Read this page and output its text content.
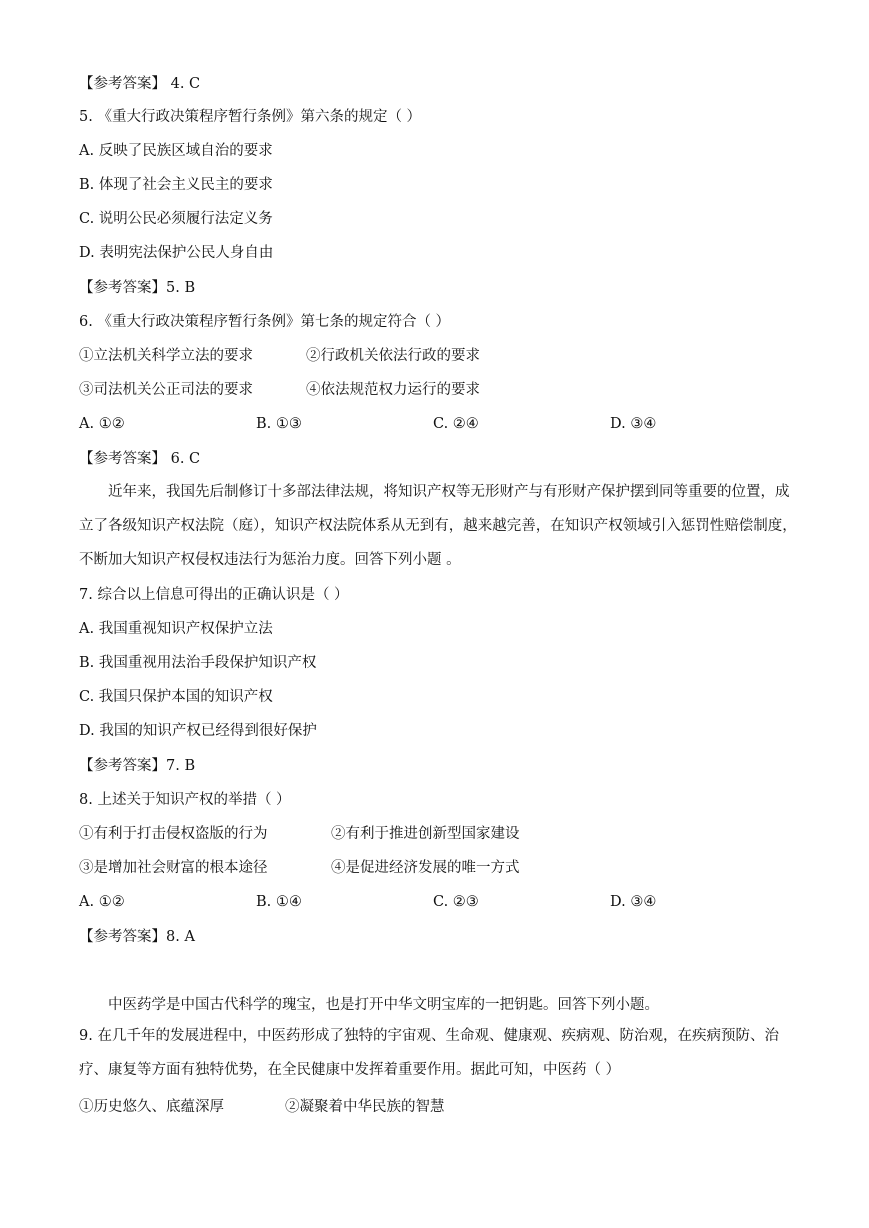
【参考答案】 4. C
5. 《重大行政决策程序暂行条例》第六条的规定（ ）
A. 反映了民族区域自治的要求
B. 体现了社会主义民主的要求
C. 说明公民必须履行法定义务
D. 表明宪法保护公民人身自由
【参考答案】5. B
6. 《重大行政决策程序暂行条例》第七条的规定符合（ ）
①立法机关科学立法的要求	②行政机关依法行政的要求
③司法机关公正司法的要求	④依法规范权力运行的要求
A. ①②	B. ①③	C. ②④	D. ③④
【参考答案】 6. C
近年来，我国先后制修订十多部法律法规，将知识产权等无形财产与有形财产保护摆到同等重要的位置，成立了各级知识产权法院（庭），知识产权法院体系从无到有，越来越完善，在知识产权领域引入惩罚性赔偿制度，不断加大知识产权侵权违法行为惩治力度。回答下列小题 。
7. 综合以上信息可得出的正确认识是（ ）
A. 我国重视知识产权保护立法
B. 我国重视用法治手段保护知识产权
C. 我国只保护本国的知识产权
D. 我国的知识产权已经得到很好保护
【参考答案】7. B
8. 上述关于知识产权的举措（ ）
①有利于打击侵权盗版的行为	②有利于推进创新型国家建设
③是增加社会财富的根本途径	④是促进经济发展的唯一方式
A. ①②	B. ①④	C. ②③	D. ③④
【参考答案】8. A
中医药学是中国古代科学的瑰宝，也是打开中华文明宝库的一把钥匙。回答下列小题。
9. 在几千年的发展进程中，中医药形成了独特的宇宙观、生命观、健康观、疾病观、防治观，在疾病预防、治疗、康复等方面有独特优势，在全民健康中发挥着重要作用。据此可知，中医药（ ）
①历史悠久、底蕴深厚	②凝聚着中华民族的智慧
